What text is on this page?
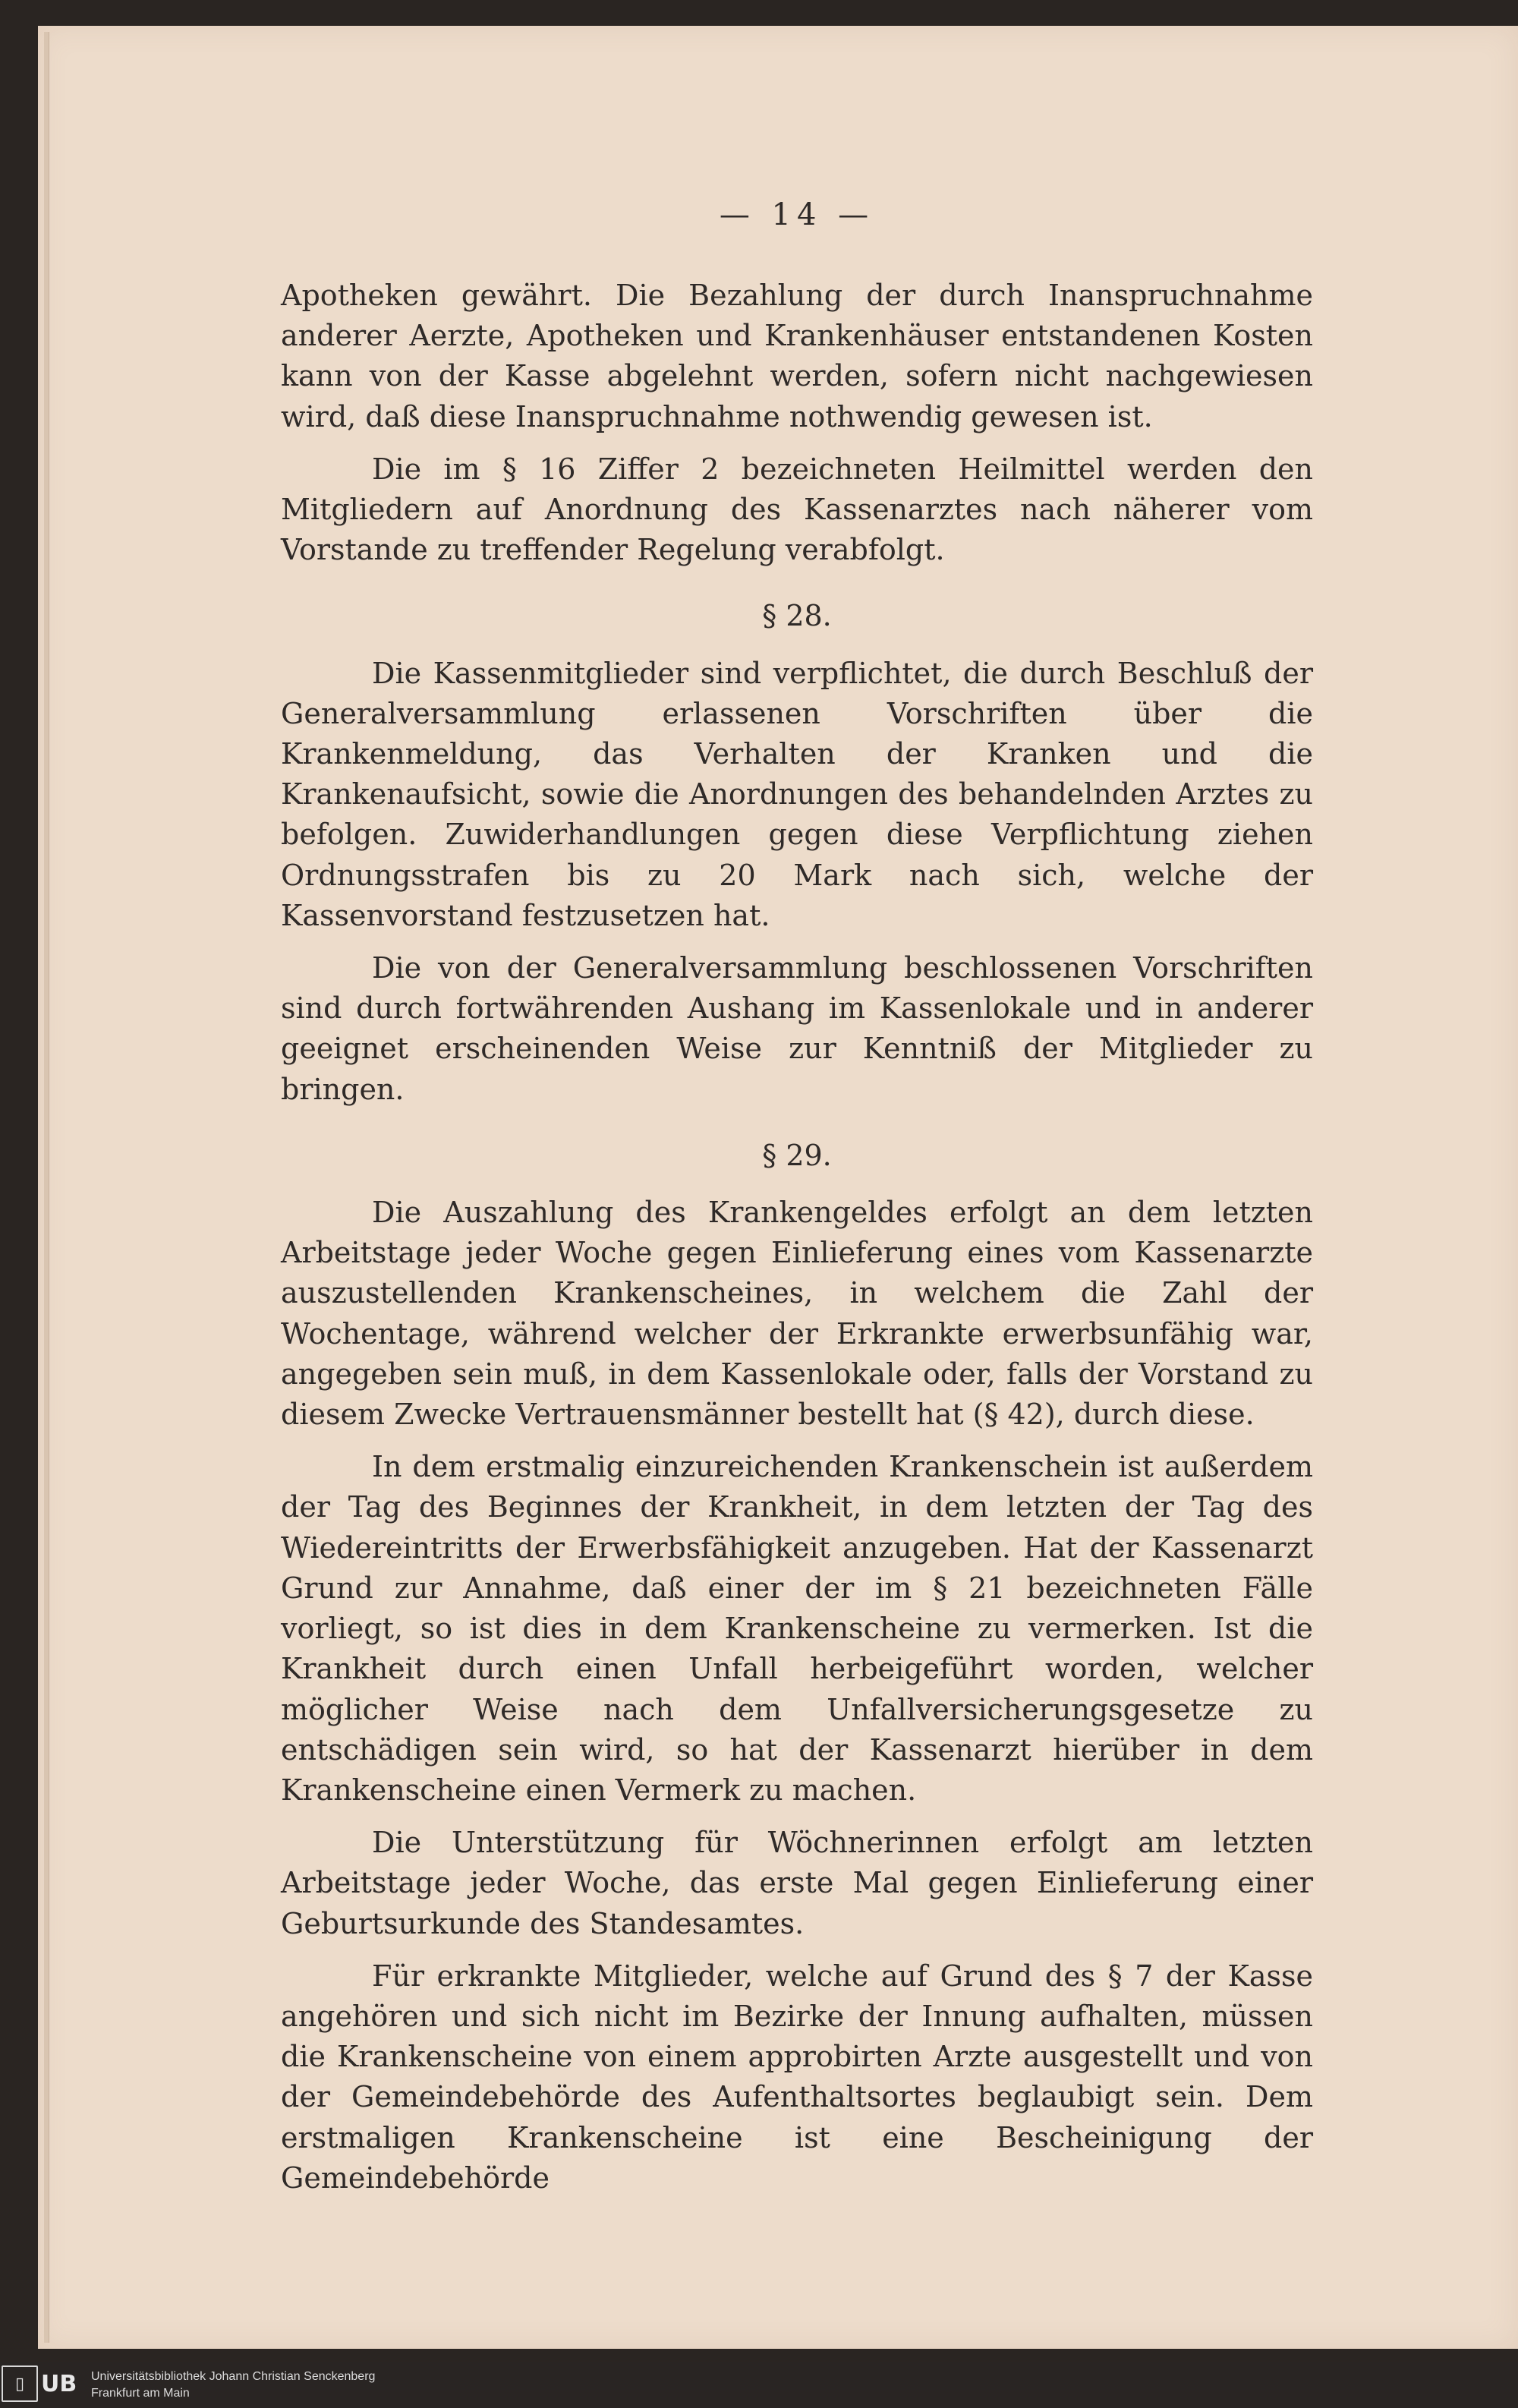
— 14 —

Apotheken gewährt. Die Bezahlung der durch Inanspruchnahme anderer Aerzte, Apotheken und Krankenhäuser entstandenen Kosten kann von der Kasse abgelehnt werden, sofern nicht nachgewiesen wird, daß diese Inanspruchnahme nothwendig gewesen ist.

Die im § 16 Ziffer 2 bezeichneten Heilmittel werden den Mitgliedern auf Anordnung des Kassenarztes nach näherer vom Vorstande zu treffender Regelung verabfolgt.

§ 28.

Die Kassenmitglieder sind verpflichtet, die durch Beschluß der Generalversammlung erlassenen Vorschriften über die Krankenmeldung, das Verhalten der Kranken und die Krankenaufsicht, sowie die Anordnungen des behandelnden Arztes zu befolgen. Zuwiderhandlungen gegen diese Verpflichtung ziehen Ordnungsstrafen bis zu 20 Mark nach sich, welche der Kassenvorstand festzusetzen hat.

Die von der Generalversammlung beschlossenen Vorschriften sind durch fortwährenden Aushang im Kassenlokale und in anderer geeignet erscheinenden Weise zur Kenntniß der Mitglieder zu bringen.

§ 29.

Die Auszahlung des Krankengeldes erfolgt an dem letzten Arbeitstage jeder Woche gegen Einlieferung eines vom Kassenarzte auszustellenden Krankenscheines, in welchem die Zahl der Wochentage, während welcher der Erkrankte erwerbsunfähig war, angegeben sein muß, in dem Kassenlokale oder, falls der Vorstand zu diesem Zwecke Vertrauensmänner bestellt hat (§ 42), durch diese.

In dem erstmalig einzureichenden Krankenschein ist außerdem der Tag des Beginnes der Krankheit, in dem letzten der Tag des Wiedereintritts der Erwerbsfähigkeit anzugeben. Hat der Kassenarzt Grund zur Annahme, daß einer der im § 21 bezeichneten Fälle vorliegt, so ist dies in dem Krankenscheine zu vermerken. Ist die Krankheit durch einen Unfall herbeigeführt worden, welcher möglicher Weise nach dem Unfallversicherungsgesetze zu entschädigen sein wird, so hat der Kassenarzt hierüber in dem Krankenscheine einen Vermerk zu machen.

Die Unterstützung für Wöchnerinnen erfolgt am letzten Arbeitstage jeder Woche, das erste Mal gegen Einlieferung einer Geburtsurkunde des Standesamtes.

Für erkrankte Mitglieder, welche auf Grund des § 7 der Kasse angehören und sich nicht im Bezirke der Innung aufhalten, müssen die Krankenscheine von einem approbirten Arzte ausgestellt und von der Gemeindebehörde des Aufenthaltsortes beglaubigt sein. Dem erstmaligen Krankenscheine ist eine Bescheinigung der Gemeindebehörde

▯ UB Universitätsbibliothek Johann Christian Senckenberg
Frankfurt am Main
